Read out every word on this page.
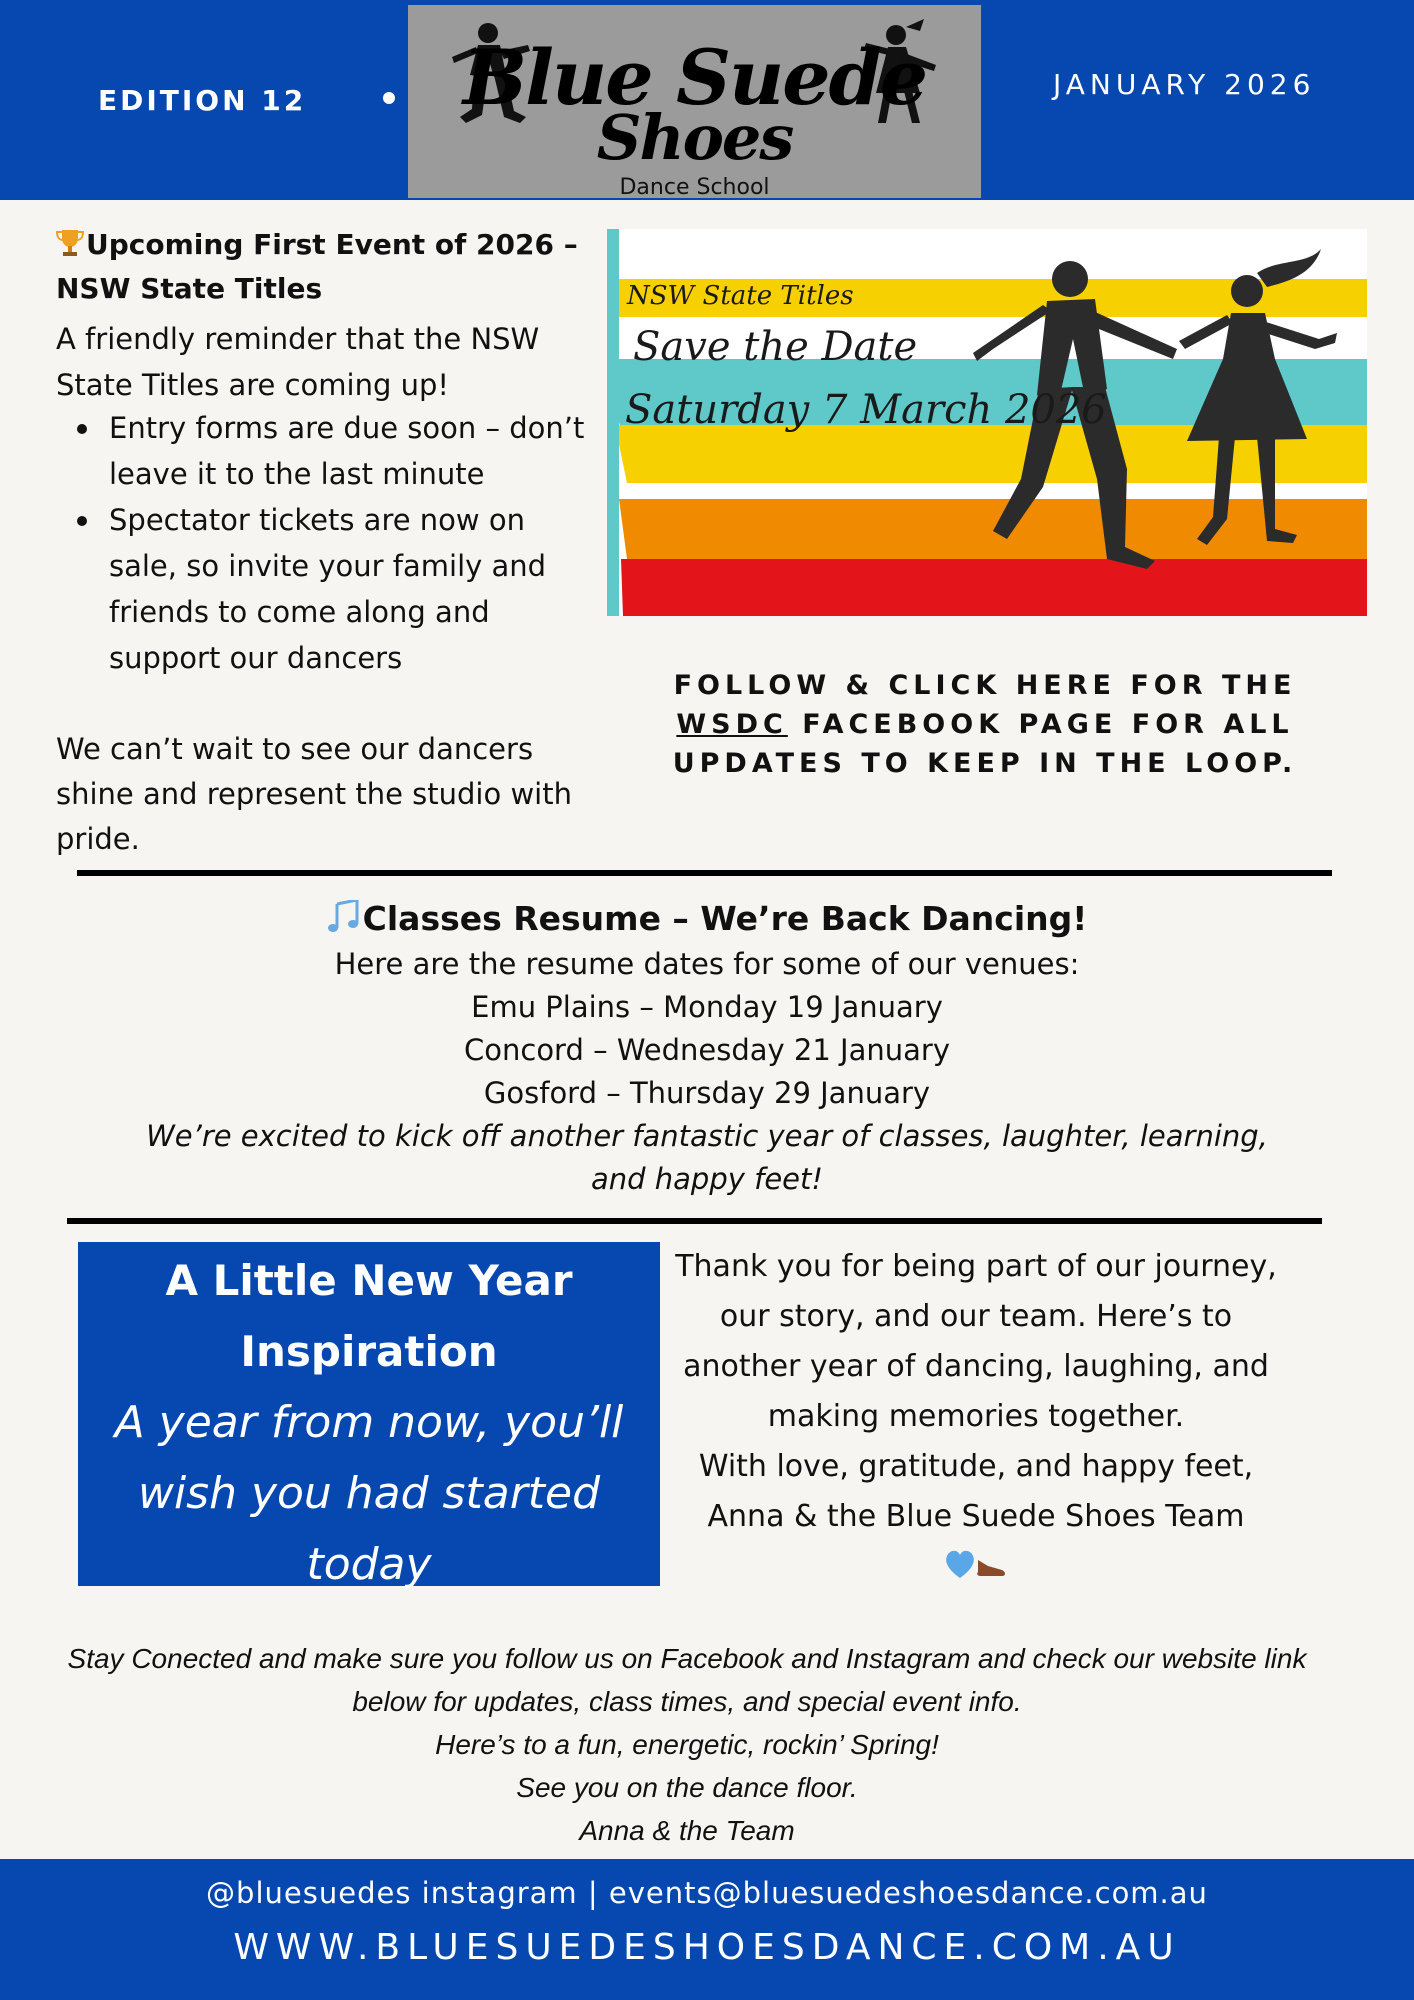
EDITION 12	Blue Suede
Shoes
Dance School
JANUARY 2026
Upcoming First Event of 2026 – NSW State Titles
A friendly reminder that the NSW State Titles are coming up!
Entry forms are due soon – don’t leave it to the last minute
Spectator tickets are now on sale, so invite your family and friends to come along and support our dancers
We can’t wait to see our dancers shine and represent the studio with pride.
NSW State Titles
Save the Date
Saturday 7 March 2026
FOLLOW & CLICK HERE FOR THE WSDC FACEBOOK PAGE FOR ALL UPDATES TO KEEP IN THE LOOP.
Classes Resume – We’re Back Dancing!
Here are the resume dates for some of our venues:
Emu Plains – Monday 19 January
Concord – Wednesday 21 January
Gosford – Thursday 29 January
We’re excited to kick off another fantastic year of classes, laughter, learning, and happy feet!
A Little New Year Inspiration
A year from now, you’ll wish you had started today
Thank you for being part of our journey, our story, and our team. Here’s to another year of dancing, laughing, and making memories together.
With love, gratitude, and happy feet,
Anna & the Blue Suede Shoes Team
Stay Conected and make sure you follow us on Facebook and Instagram and check our website link below for updates, class times, and special event info.
Here’s to a fun, energetic, rockin’ Spring!
See you on the dance floor.
Anna & the Team
@bluesuedes instagram | events@bluesuedeshoesdance.com.au
WWW.BLUESUEDESHOESDANCE.COM.AU
